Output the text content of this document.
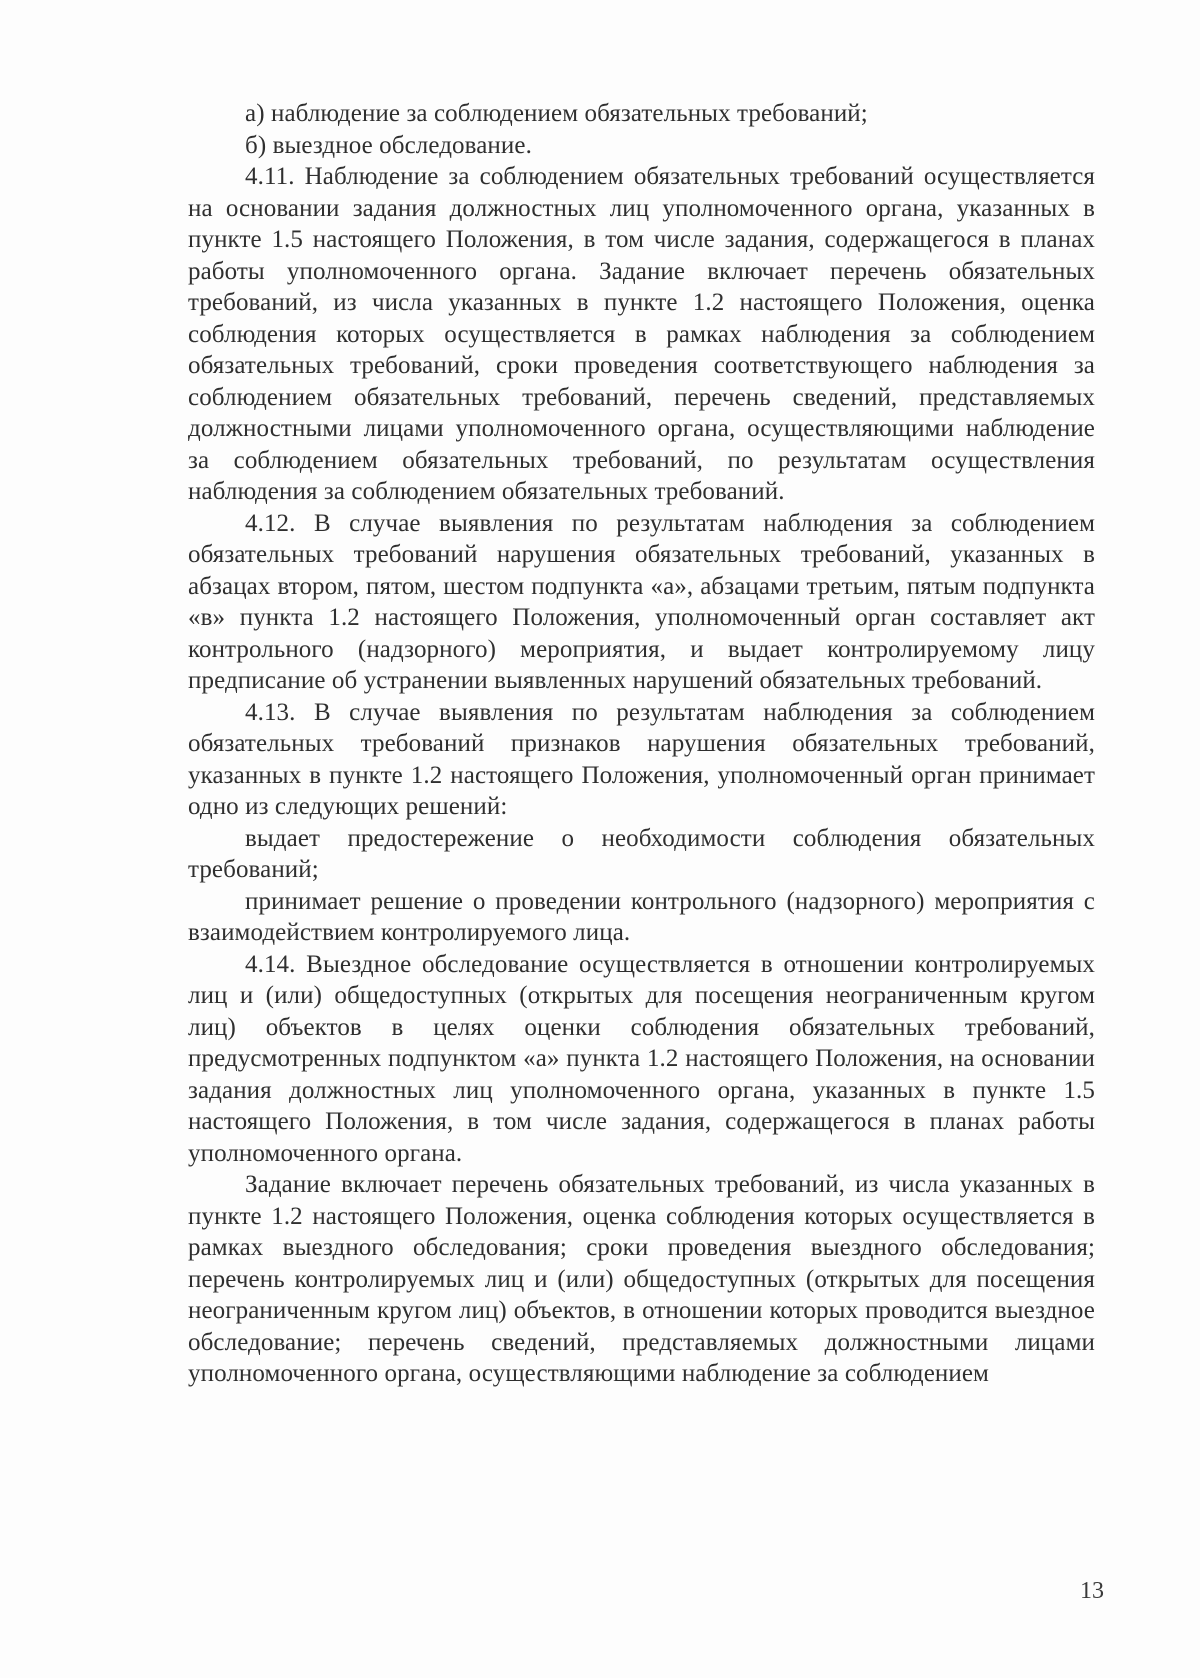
а) наблюдение за соблюдением обязательных требований;

б) выездное обследование.

4.11. Наблюдение за соблюдением обязательных требований осуществляется на основании задания должностных лиц уполномоченного органа, указанных в пункте 1.5 настоящего Положения, в том числе задания, содержащегося в планах работы уполномоченного органа. Задание включает перечень обязательных требований, из числа указанных в пункте 1.2 настоящего Положения, оценка соблюдения которых осуществляется в рамках наблюдения за соблюдением обязательных требований, сроки проведения соответствующего наблюдения за соблюдением обязательных требований, перечень сведений, представляемых должностными лицами уполномоченного органа, осуществляющими наблюдение за соблюдением обязательных требований, по результатам осуществления наблюдения за соблюдением обязательных требований.

4.12. В случае выявления по результатам наблюдения за соблюдением обязательных требований нарушения обязательных требований, указанных в абзацах втором, пятом, шестом подпункта «а», абзацами третьим, пятым подпункта «в» пункта 1.2 настоящего Положения, уполномоченный орган составляет акт контрольного (надзорного) мероприятия, и выдает контролируемому лицу предписание об устранении выявленных нарушений обязательных требований.

4.13. В случае выявления по результатам наблюдения за соблюдением обязательных требований признаков нарушения обязательных требований, указанных в пункте 1.2 настоящего Положения, уполномоченный орган принимает одно из следующих решений:

выдает предостережение о необходимости соблюдения обязательных требований;

принимает решение о проведении контрольного (надзорного) мероприятия с взаимодействием контролируемого лица.

4.14. Выездное обследование осуществляется в отношении контролируемых лиц и (или) общедоступных (открытых для посещения неограниченным кругом лиц) объектов в целях оценки соблюдения обязательных требований, предусмотренных подпунктом «а» пункта 1.2 настоящего Положения, на основании задания должностных лиц уполномоченного органа, указанных в пункте 1.5 настоящего Положения, в том числе задания, содержащегося в планах работы уполномоченного органа.

Задание включает перечень обязательных требований, из числа указанных в пункте 1.2 настоящего Положения, оценка соблюдения которых осуществляется в рамках выездного обследования; сроки проведения выездного обследования; перечень контролируемых лиц и (или) общедоступных (открытых для посещения неограниченным кругом лиц) объектов, в отношении которых проводится выездное обследование; перечень сведений, представляемых должностными лицами уполномоченного органа, осуществляющими наблюдение за соблюдением

13
